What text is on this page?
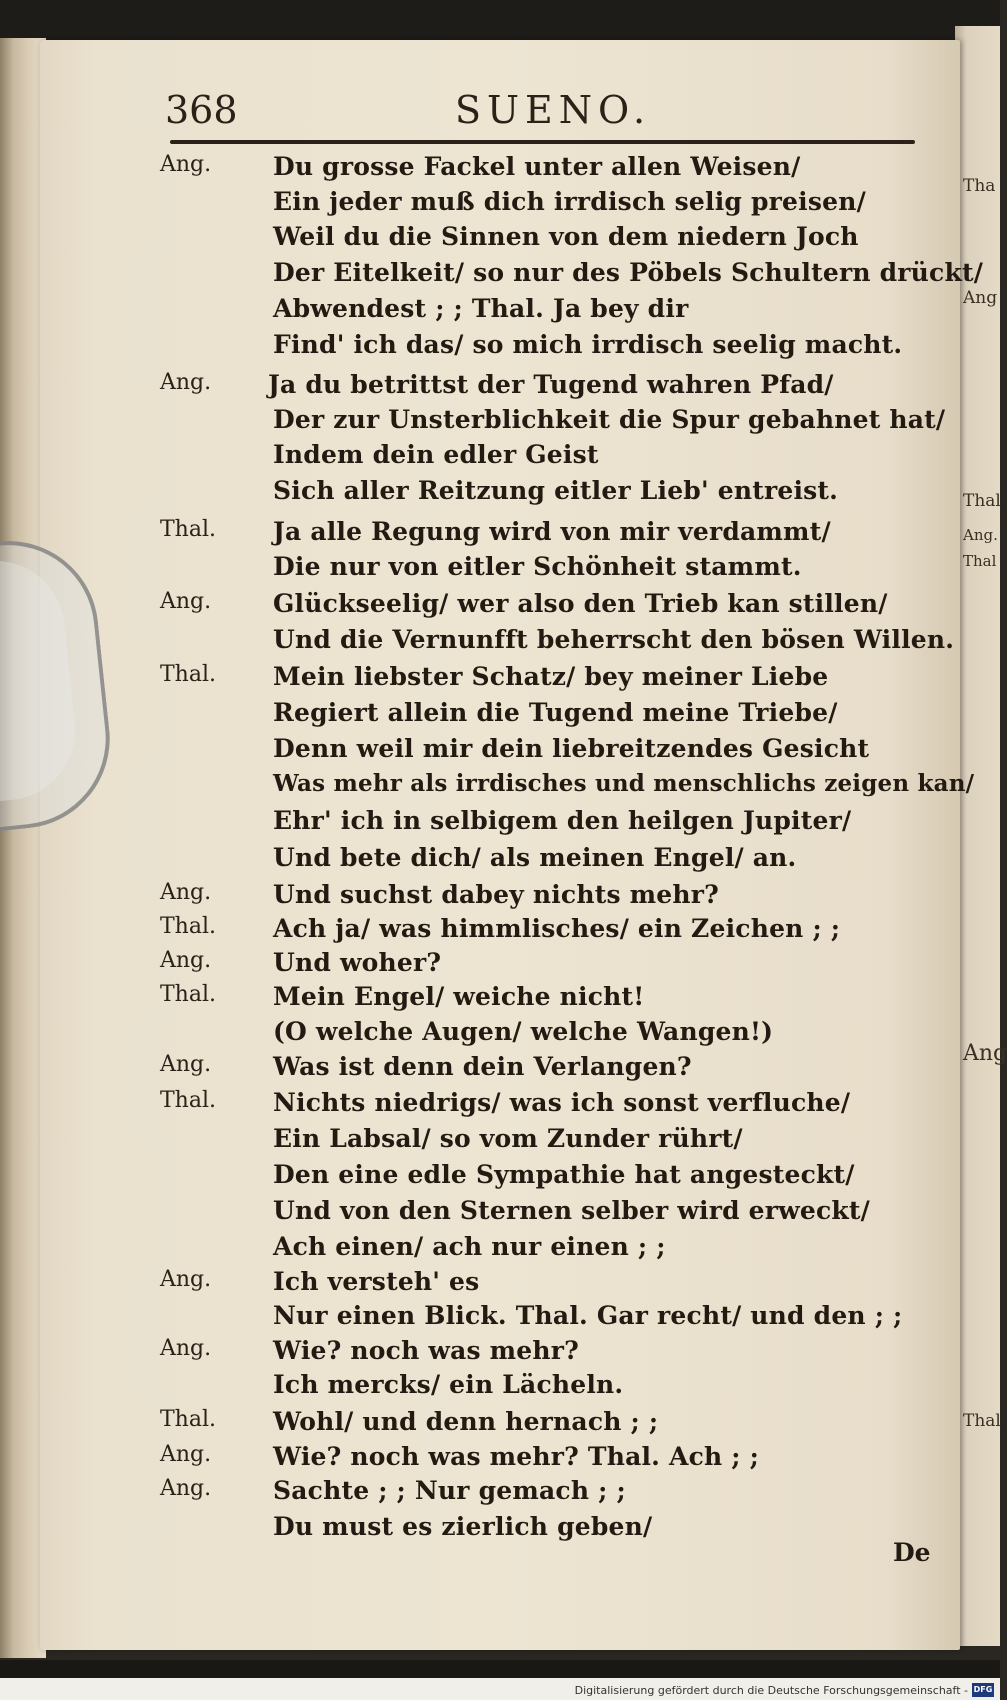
Tha
Ang
Thal
Ang.
Thal
Ang
Thal
368	SUENO.
Ang. Du grosse Fackel unter allen Weisen/
Ein jeder muß dich irrdisch selig preisen/
Weil du die Sinnen von dem niedern Joch
Der Eitelkeit/ so nur des Pöbels Schultern drückt/
Abwendest ; ; Thal. Ja bey dir
Find' ich das/ so mich irrdisch seelig macht.
Ang. Ja du betrittst der Tugend wahren Pfad/
Der zur Unsterblichkeit die Spur gebahnet hat/
Indem dein edler Geist
Sich aller Reitzung eitler Lieb' entreist.
Thal. Ja alle Regung wird von mir verdammt/
Die nur von eitler Schönheit stammt.
Ang. Glückseelig/ wer also den Trieb kan stillen/
Und die Vernunfft beherrscht den bösen Willen.
Thal. Mein liebster Schatz/ bey meiner Liebe
Regiert allein die Tugend meine Triebe/
Denn weil mir dein liebreitzendes Gesicht
Was mehr als irrdisches und menschlichs zeigen kan/
Ehr' ich in selbigem den heilgen Jupiter/
Und bete dich/ als meinen Engel/ an.
Ang. Und suchst dabey nichts mehr?
Thal. Ach ja/ was himmlisches/ ein Zeichen ; ;
Ang. Und woher?
Thal. Mein Engel/ weiche nicht!
(O welche Augen/ welche Wangen!)
Ang. Was ist denn dein Verlangen?
Thal. Nichts niedrigs/ was ich sonst verfluche/
Ein Labsal/ so vom Zunder rührt/
Den eine edle Sympathie hat angesteckt/
Und von den Sternen selber wird erweckt/
Ach einen/ ach nur einen ; ;
Ang. Ich versteh' es
Nur einen Blick. Thal. Gar recht/ und den ; ;
Ang. Wie? noch was mehr?
Ich mercks/ ein Lächeln.
Thal. Wohl/ und denn hernach ; ;
Ang. Wie? noch was mehr? Thal. Ach ; ;
Ang. Sachte ; ; Nur gemach ; ;
Du must es zierlich geben/
De
Digitalisierung gefördert durch die Deutsche Forschungsgemeinschaft - DFG
